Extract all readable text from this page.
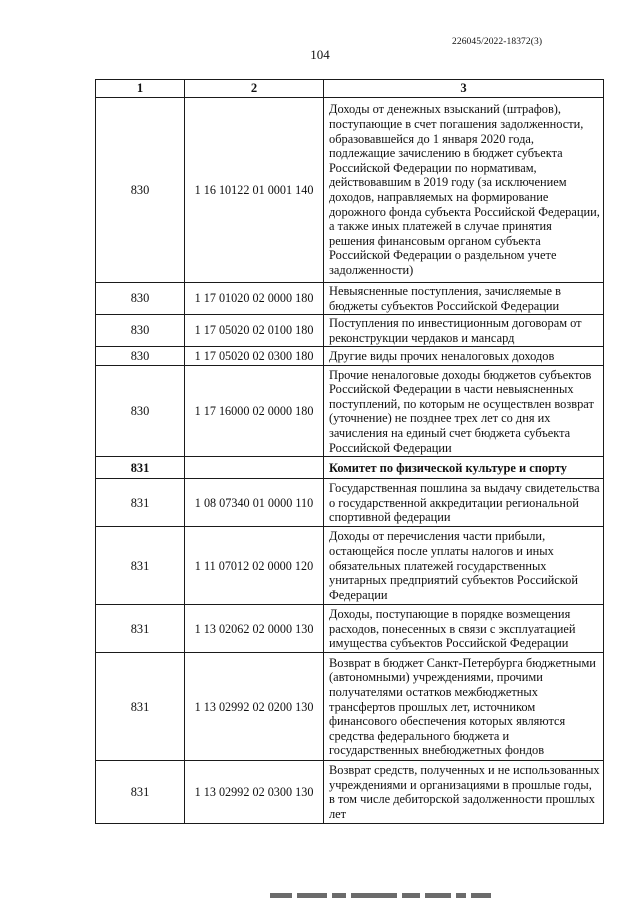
226045/2022-18372(3)
104
1	2	3
830	1 16 10122 01 0001 140	Доходы от денежных взысканий (штрафов), поступающие в счет погашения задолженности, образовавшейся до 1 января 2020 года, подлежащие зачислению в бюджет субъекта Российской Федерации по нормативам, действовавшим в 2019 году (за исключением доходов, направляемых на формирование дорожного фонда субъекта Российской Федерации, а также иных платежей в случае принятия решения финансовым органом субъекта Российской Федерации о раздельном учете задолженности)
830	1 17 01020 02 0000 180	Невыясненные поступления, зачисляемые в бюджеты субъектов Российской Федерации
830	1 17 05020 02 0100 180	Поступления по инвестиционным договорам от реконструкции чердаков и мансард
830	1 17 05020 02 0300 180	Другие виды прочих неналоговых доходов
830	1 17 16000 02 0000 180	Прочие неналоговые доходы бюджетов субъектов Российской Федерации в части невыясненных поступлений, по которым не осуществлен возврат (уточнение) не позднее трех лет со дня их зачисления на единый счет бюджета субъекта Российской Федерации
831		Комитет по физической культуре и спорту
831	1 08 07340 01 0000 110	Государственная пошлина за выдачу свидетельства о государственной аккредитации региональной спортивной федерации
831	1 11 07012 02 0000 120	Доходы от перечисления части прибыли, остающейся после уплаты налогов и иных обязательных платежей государственных унитарных предприятий субъектов Российской Федерации
831	1 13 02062 02 0000 130	Доходы, поступающие в порядке возмещения расходов, понесенных в связи с эксплуатацией имущества субъектов Российской Федерации
831	1 13 02992 02 0200 130	Возврат в бюджет Санкт-Петербурга бюджетными (автономными) учреждениями, прочими получателями остатков межбюджетных трансфертов прошлых лет, источником финансового обеспечения которых являются средства федерального бюджета и государственных внебюджетных фондов
831	1 13 02992 02 0300 130	Возврат средств, полученных и не использованных учреждениями и организациями в прошлые годы, в том числе дебиторской задолженности прошлых лет
